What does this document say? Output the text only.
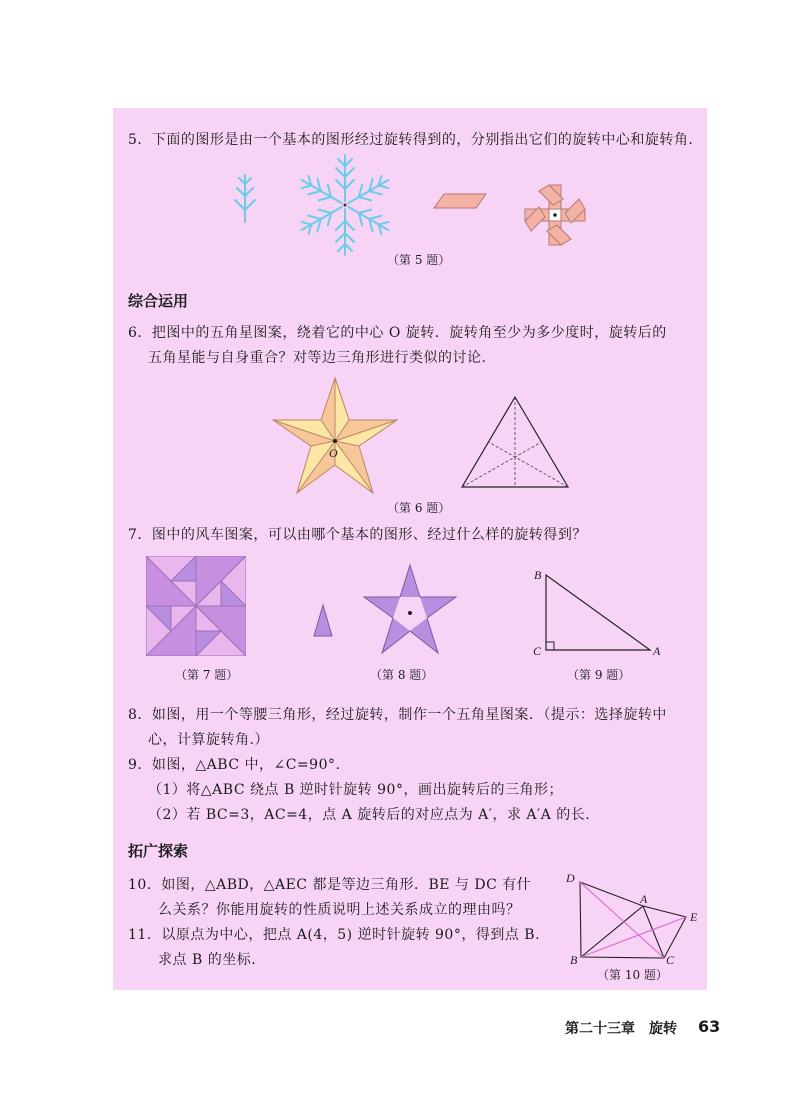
5．下面的图形是由一个基本的图形经过旋转得到的，分别指出它们的旋转中心和旋转角.
（第 5 题）
综合运用
6．把图中的五角星图案，绕着它的中心 O 旋转．旋转角至少为多少度时，旋转后的
五角星能与自身重合？对等边三角形进行类似的讨论.
O
（第 6 题）
7．图中的风车图案，可以由哪个基本的图形、经过什么样的旋转得到？
（第 7 题）	（第 8 题）
B
C	A
（第 9 题）
8．如图，用一个等腰三角形，经过旋转，制作一个五角星图案．（提示：选择旋转中
心，计算旋转角.）
9．如图，△ABC 中，∠C=90°.
（1）将△ABC 绕点 B 逆时针旋转 90°，画出旋转后的三角形；
（2）若 BC=3，AC=4，点 A 旋转后的对应点为 A′，求 A′A 的长.
拓广探索
10．如图，△ABD，△AEC 都是等边三角形．BE 与 DC 有什
么关系？你能用旋转的性质说明上述关系成立的理由吗？
11．以原点为中心，把点 A(4，5) 逆时针旋转 90°，得到点 B.
求点 B 的坐标.
D
A
E
B	C
（第 10 题）
第二十三章　旋转 63
